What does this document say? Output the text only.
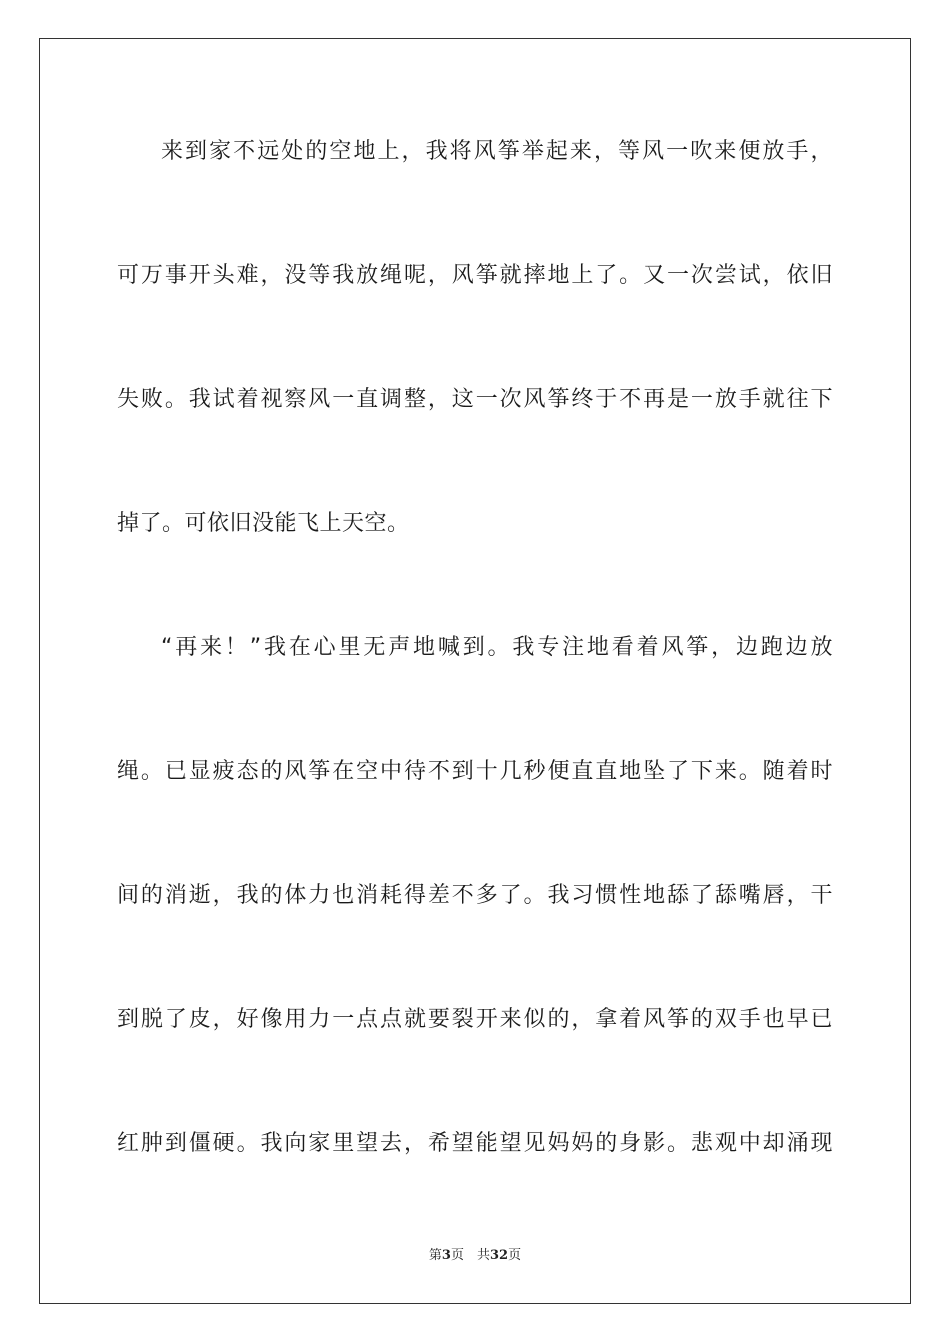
来到家不远处的空地上，我将风筝举起来，等风一吹来便放手，
可万事开头难，没等我放绳呢，风筝就摔地上了。又一次尝试，依旧
失败。我试着视察风一直调整，这一次风筝终于不再是一放手就往下
掉了。可依旧没能飞上天空。
“再来！”我在心里无声地喊到。我专注地看着风筝，边跑边放
绳。已显疲态的风筝在空中待不到十几秒便直直地坠了下来。随着时
间的消逝，我的体力也消耗得差不多了。我习惯性地舔了舔嘴唇，干
到脱了皮，好像用力一点点就要裂开来似的，拿着风筝的双手也早已
红肿到僵硬。我向家里望去，希望能望见妈妈的身影。悲观中却涌现
第3页　共32页
